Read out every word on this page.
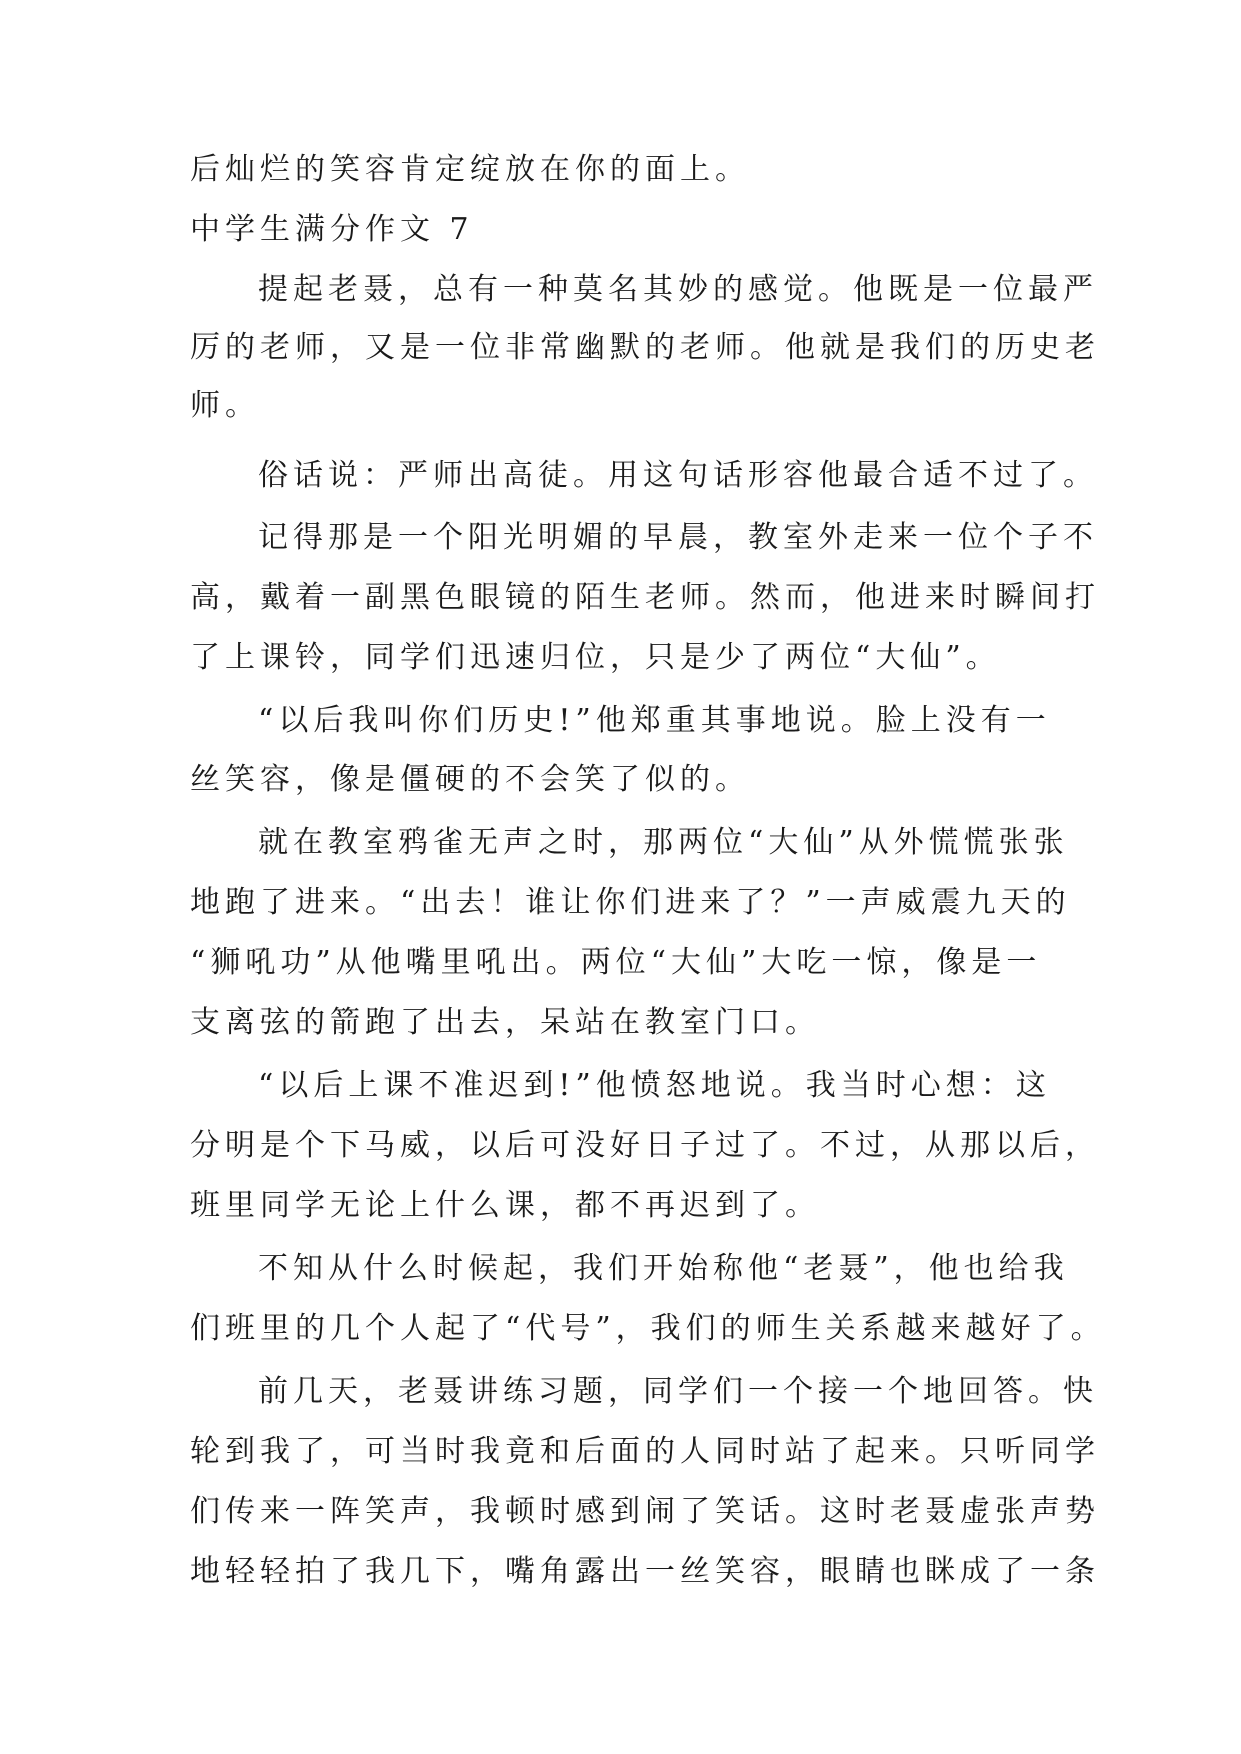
后灿烂的笑容肯定绽放在你的面上。

中学生满分作文 7

提起老聂，总有一种莫名其妙的感觉。他既是一位最严

厉的老师，又是一位非常幽默的老师。他就是我们的历史老

师。

俗话说：严师出高徒。用这句话形容他最合适不过了。

记得那是一个阳光明媚的早晨，教室外走来一位个子不

高，戴着一副黑色眼镜的陌生老师。然而，他进来时瞬间打

了上课铃，同学们迅速归位，只是少了两位“大仙”。

“以后我叫你们历史!”他郑重其事地说。脸上没有一

丝笑容，像是僵硬的不会笑了似的。

就在教室鸦雀无声之时，那两位“大仙”从外慌慌张张

地跑了进来。“出去！谁让你们进来了？”一声威震九天的

“狮吼功”从他嘴里吼出。两位“大仙”大吃一惊，像是一

支离弦的箭跑了出去，呆站在教室门口。

“以后上课不准迟到!”他愤怒地说。我当时心想：这

分明是个下马威，以后可没好日子过了。不过，从那以后，

班里同学无论上什么课，都不再迟到了。

不知从什么时候起，我们开始称他“老聂”，他也给我

们班里的几个人起了“代号”，我们的师生关系越来越好了。

前几天，老聂讲练习题，同学们一个接一个地回答。快

轮到我了，可当时我竟和后面的人同时站了起来。只听同学

们传来一阵笑声，我顿时感到闹了笑话。这时老聂虚张声势

地轻轻拍了我几下，嘴角露出一丝笑容，眼睛也眯成了一条
